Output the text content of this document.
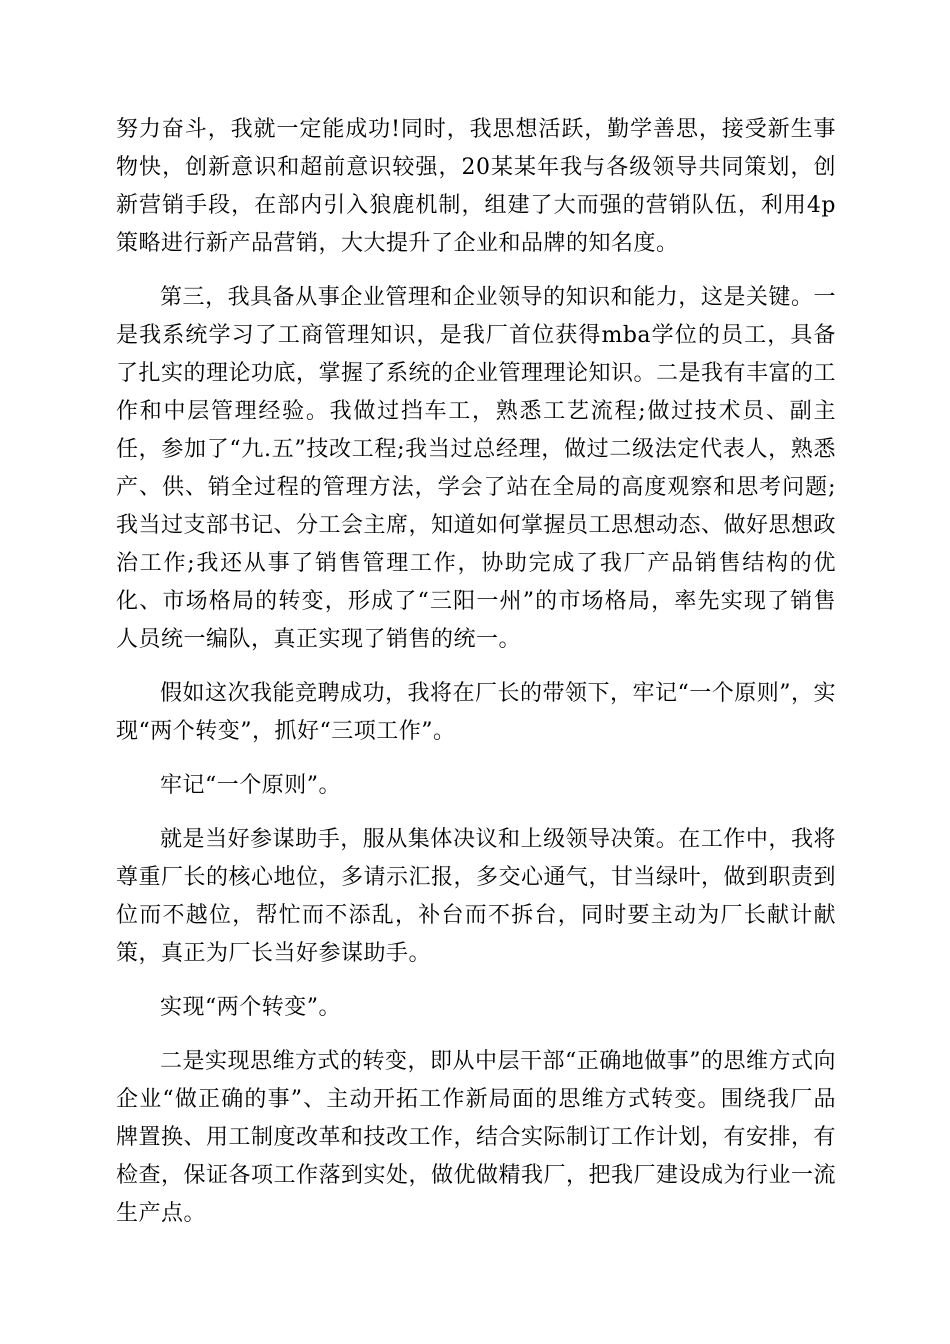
努力奋斗，我就一定能成功!同时，我思想活跃，勤学善思，接受新生事物快，创新意识和超前意识较强，20某某年我与各级领导共同策划，创新营销手段，在部内引入狼鹿机制，组建了大而强的营销队伍，利用4p策略进行新产品营销，大大提升了企业和品牌的知名度。

第三，我具备从事企业管理和企业领导的知识和能力，这是关键。一是我系统学习了工商管理知识，是我厂首位获得mba学位的员工，具备了扎实的理论功底，掌握了系统的企业管理理论知识。二是我有丰富的工作和中层管理经验。我做过挡车工，熟悉工艺流程;做过技术员、副主任，参加了“九.五”技改工程;我当过总经理，做过二级法定代表人，熟悉产、供、销全过程的管理方法，学会了站在全局的高度观察和思考问题;我当过支部书记、分工会主席，知道如何掌握员工思想动态、做好思想政治工作;我还从事了销售管理工作，协助完成了我厂产品销售结构的优化、市场格局的转变，形成了“三阳一州”的市场格局，率先实现了销售人员统一编队，真正实现了销售的统一。

假如这次我能竞聘成功，我将在厂长的带领下，牢记“一个原则”，实现“两个转变”，抓好“三项工作”。

牢记“一个原则”。

就是当好参谋助手，服从集体决议和上级领导决策。在工作中，我将尊重厂长的核心地位，多请示汇报，多交心通气，甘当绿叶，做到职责到位而不越位，帮忙而不添乱，补台而不拆台，同时要主动为厂长献计献策，真正为厂长当好参谋助手。

实现“两个转变”。

二是实现思维方式的转变，即从中层干部“正确地做事”的思维方式向企业“做正确的事”、主动开拓工作新局面的思维方式转变。围绕我厂品牌置换、用工制度改革和技改工作，结合实际制订工作计划，有安排，有检查，保证各项工作落到实处，做优做精我厂，把我厂建设成为行业一流生产点。
